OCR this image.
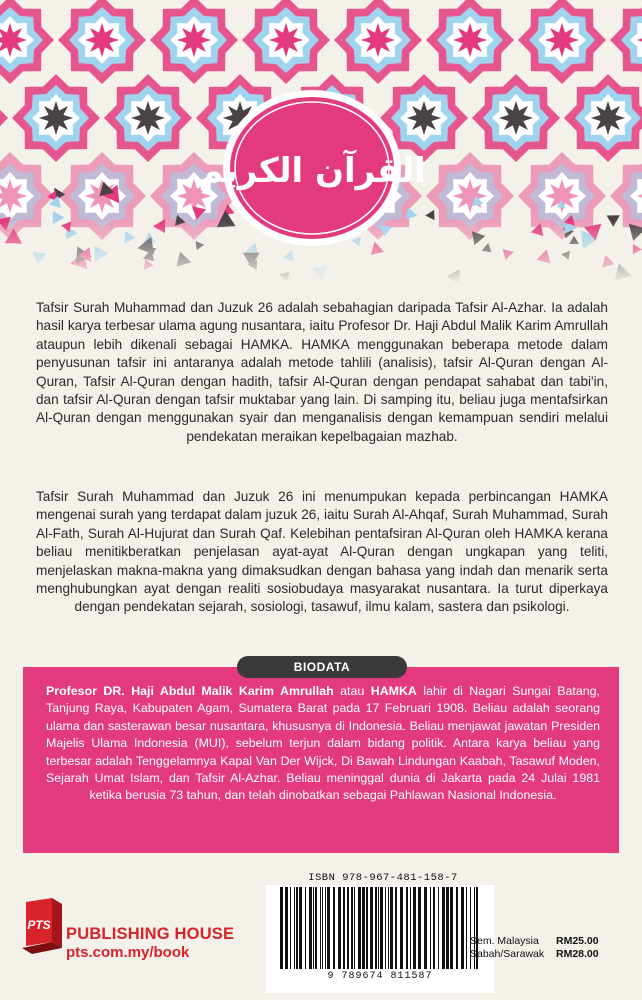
القرآن الكريم

Tafsir Surah Muhammad dan Juzuk 26 adalah sebahagian daripada Tafsir Al-Azhar. Ia adalah hasil karya terbesar ulama agung nusantara, iaitu Profesor Dr. Haji Abdul Malik Karim Amrullah ataupun lebih dikenali sebagai HAMKA. HAMKA menggunakan beberapa metode dalam penyusunan tafsir ini antaranya adalah metode tahlili (analisis), tafsir Al-Quran dengan Al-Quran, Tafsir Al-Quran dengan hadith, tafsir Al-Quran dengan pendapat sahabat dan tabi'in, dan tafsir Al-Quran dengan tafsir muktabar yang lain. Di samping itu, beliau juga mentafsirkan Al-Quran dengan menggunakan syair dan menganalisis dengan kemampuan sendiri melalui pendekatan meraikan kepelbagaian mazhab.

Tafsir Surah Muhammad dan Juzuk 26 ini menumpukan kepada perbincangan HAMKA mengenai surah yang terdapat dalam juzuk 26, iaitu Surah Al-Ahqaf, Surah Muhammad, Surah Al-Fath, Surah Al-Hujurat dan Surah Qaf. Kelebihan pentafsiran Al-Quran oleh HAMKA kerana beliau menitikberatkan penjelasan ayat-ayat Al-Quran dengan ungkapan yang teliti, menjelaskan makna-makna yang dimaksudkan dengan bahasa yang indah dan menarik serta menghubungkan ayat dengan realiti sosiobudaya masyarakat nusantara. Ia turut diperkaya dengan pendekatan sejarah, sosiologi, tasawuf, ilmu kalam, sastera dan psikologi.

BIODATA

Profesor DR. Haji Abdul Malik Karim Amrullah atau HAMKA lahir di Nagari Sungai Batang, Tanjung Raya, Kabupaten Agam, Sumatera Barat pada 17 Februari 1908. Beliau adalah seorang ulama dan sasterawan besar nusantara, khususnya di Indonesia. Beliau menjawat jawatan Presiden Majelis Ulama Indonesia (MUI), sebelum terjun dalam bidang politik. Antara karya beliau yang terbesar adalah Tenggelamnya Kapal Van Der Wijck, Di Bawah Lindungan Kaabah, Tasawuf Moden, Sejarah Umat Islam, dan Tafsir Al-Azhar. Beliau meninggal dunia di Jakarta pada 24 Julai 1981 ketika berusia 73 tahun, dan telah dinobatkan sebagai Pahlawan Nasional Indonesia.

ISBN 978-967-481-158-7
9 789674 811587
PTS PUBLISHING HOUSE
pts.com.my/book
Sem. Malaysia	RM25.00
Sabah/Sarawak	RM28.00
